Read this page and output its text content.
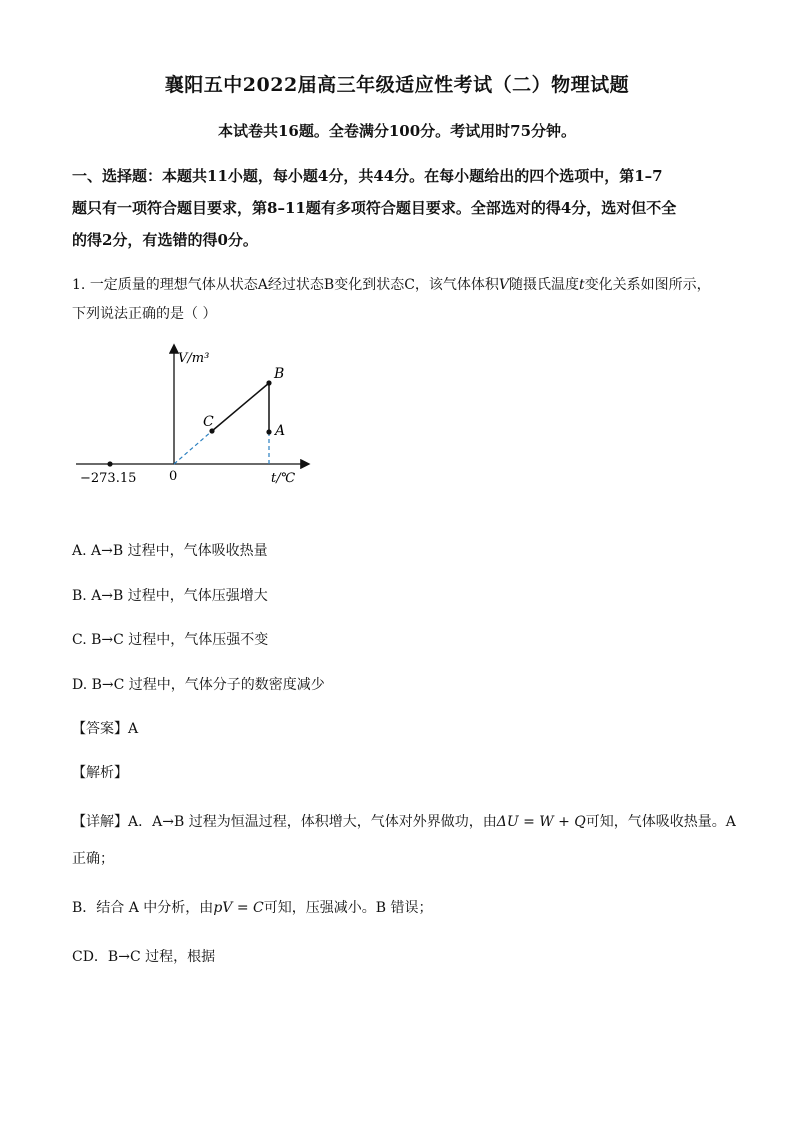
襄阳五中2022届高三年级适应性考试（二）物理试题
本试卷共16题。全卷满分100分。考试用时75分钟。
一、选择题：本题共11小题，每小题4分，共44分。在每小题给出的四个选项中，第1–7
题只有一项符合题目要求，第8–11题有多项符合题目要求。全部选对的得4分，选对但不全
的得2分，有选错的得0分。
1. 一定质量的理想气体从状态A经过状态B变化到状态C，该气体体积V随摄氏温度t变化关系如图所示，
下列说法正确的是（ ）
V/m³
t/℃
0
−273.15
C
B
A
A. A→B 过程中，气体吸收热量
B. A→B 过程中，气体压强增大
C. B→C 过程中，气体压强不变
D. B→C 过程中，气体分子的数密度减少
【答案】A
【解析】
【详解】A．A→B 过程为恒温过程，体积增大，气体对外界做功，由ΔU = W + Q可知，气体吸收热量。A
正确；
B．结合 A 中分析，由pV = C可知，压强减小。B 错误；
CD．B→C 过程，根据
